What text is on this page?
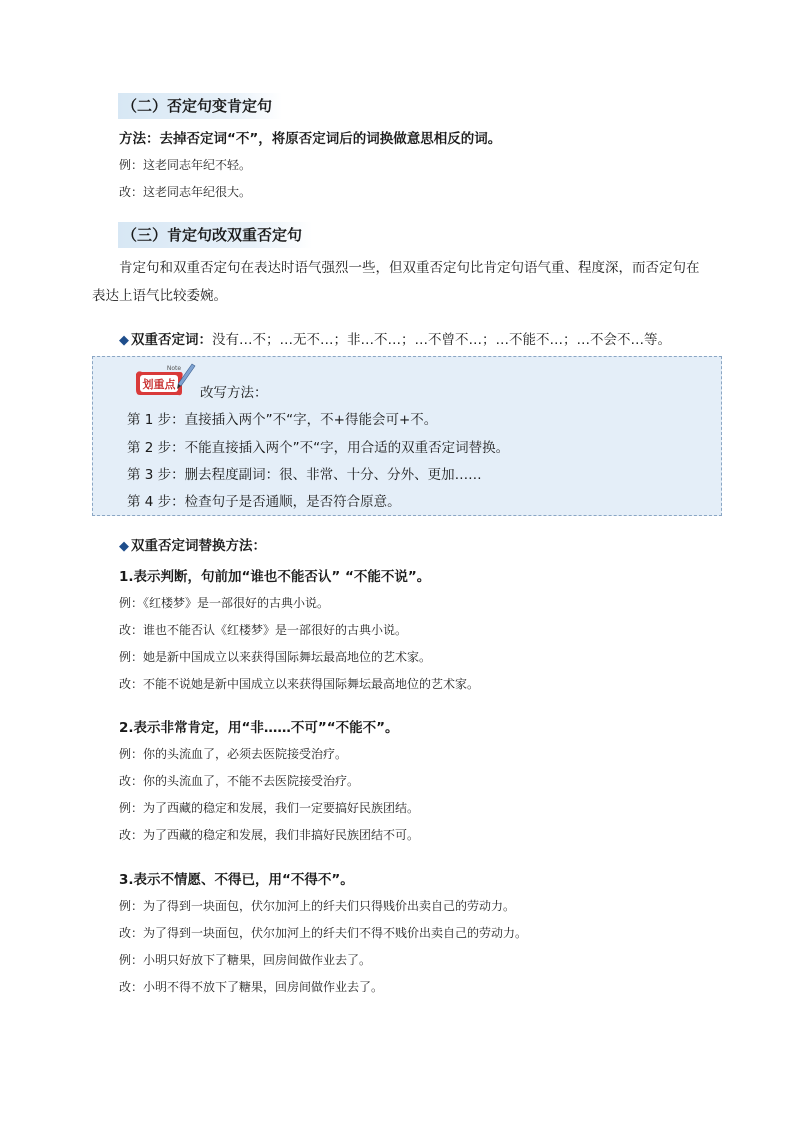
（二）否定句变肯定句
方法：去掉否定词“不”，将原否定词后的词换做意思相反的词。
例：这老同志年纪不轻。
改：这老同志年纪很大。
（三）肯定句改双重否定句
肯定句和双重否定句在表达时语气强烈一些，但双重否定句比肯定句语气重、程度深，而否定句在
表达上语气比较委婉。
◆ 双重否定词：没有…不；…无不…；非…不…；…不曾不…；…不能不…；…不会不…等。
划重点
Note
改写方法：
第 1 步：直接插入两个”不“字，不+得能会可+不。
第 2 步：不能直接插入两个”不“字，用合适的双重否定词替换。
第 3 步：删去程度副词：很、非常、十分、分外、更加……
第 4 步：检查句子是否通顺，是否符合原意。
◆ 双重否定词替换方法：
1.表示判断，句前加“谁也不能否认” “不能不说”。
例：《红楼梦》是一部很好的古典小说。
改：谁也不能否认《红楼梦》是一部很好的古典小说。
例：她是新中国成立以来获得国际舞坛最高地位的艺术家。
改：不能不说她是新中国成立以来获得国际舞坛最高地位的艺术家。
2.表示非常肯定，用“非……不可”“不能不”。
例：你的头流血了，必须去医院接受治疗。
改：你的头流血了，不能不去医院接受治疗。
例：为了西藏的稳定和发展，我们一定要搞好民族团结。
改：为了西藏的稳定和发展，我们非搞好民族团结不可。
3.表示不情愿、不得已，用“不得不”。
例：为了得到一块面包，伏尔加河上的纤夫们只得贱价出卖自己的劳动力。
改：为了得到一块面包，伏尔加河上的纤夫们不得不贱价出卖自己的劳动力。
例：小明只好放下了糖果，回房间做作业去了。
改：小明不得不放下了糖果，回房间做作业去了。
